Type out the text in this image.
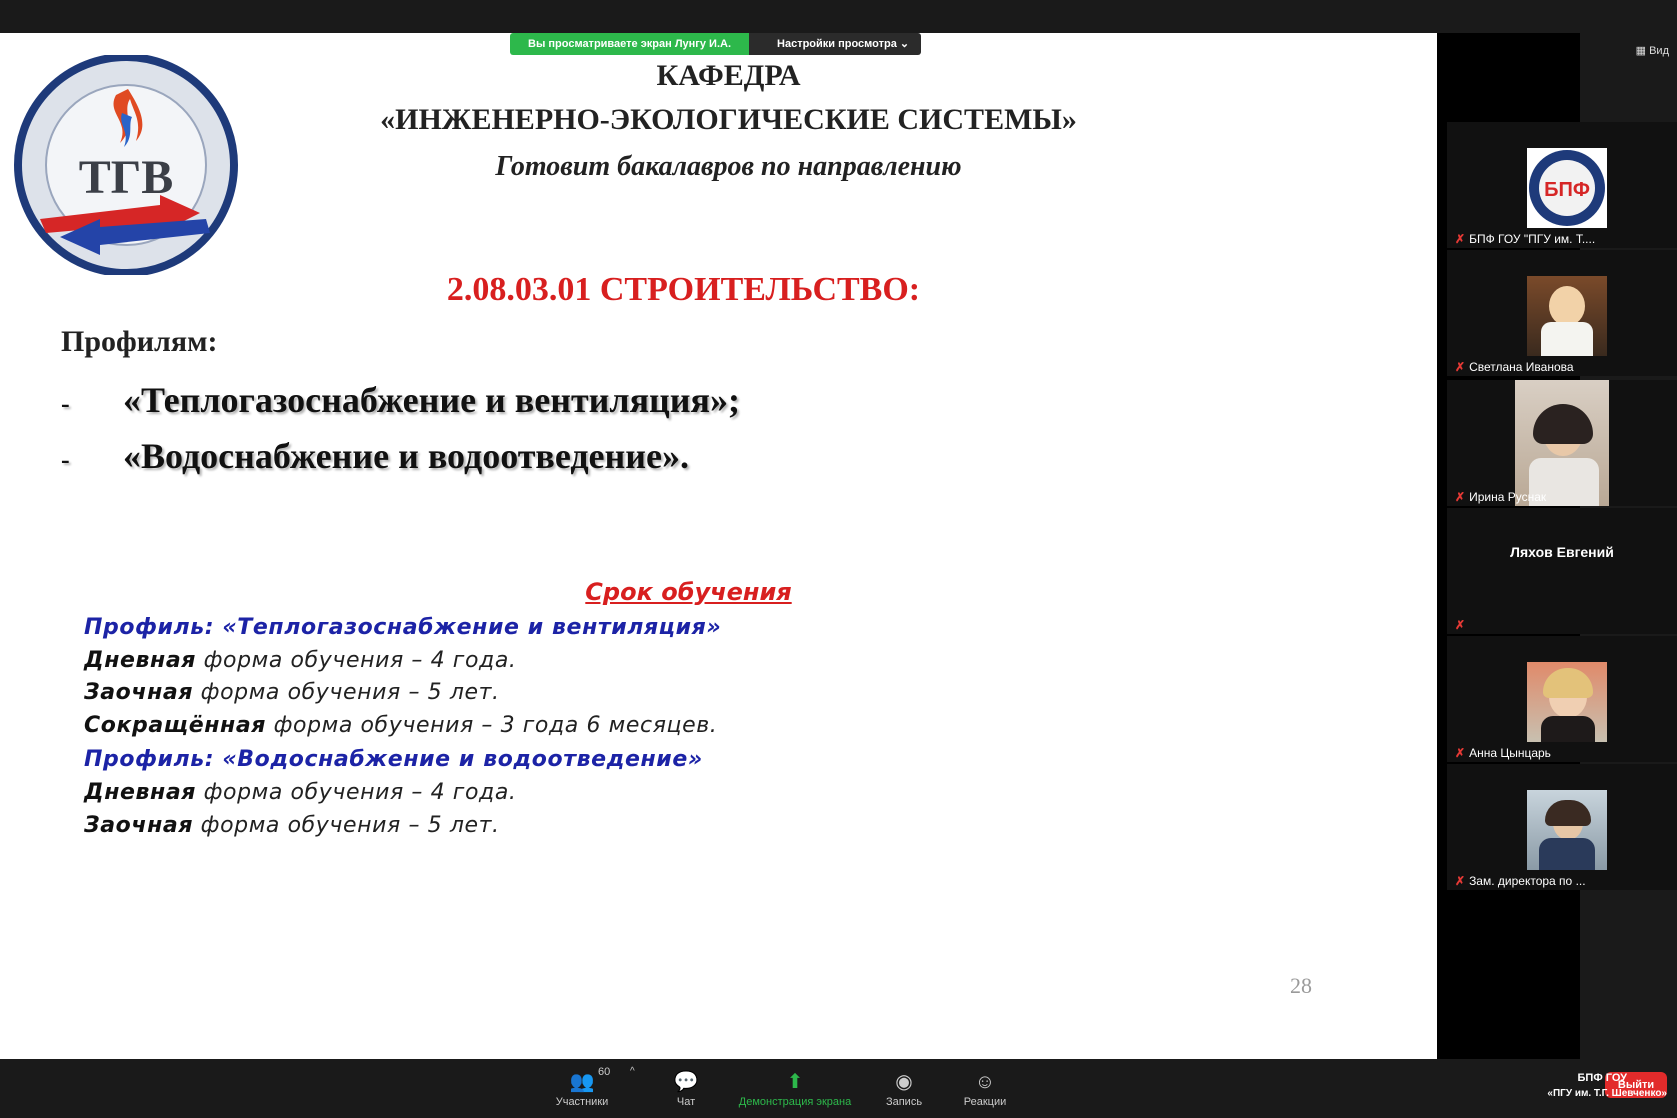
Вы просматриваете экран Лунгу И.А.	Настройки просмотра ⌄
▦ Вид
ТГВ
КАФЕДРА
«ИНЖЕНЕРНО-ЭКОЛОГИЧЕСКИЕ СИСТЕМЫ»
Готовит бакалавров по направлению
2.08.03.01 СТРОИТЕЛЬСТВО:
Профилям:
- «Теплогазоснабжение и вентиляция»;
- «Водоснабжение и водоотведение».
Срок обучения
Профиль: «Теплогазоснабжение и вентиляция»
Дневная форма обучения – 4 года.
Заочная форма обучения – 5 лет.
Сокращённая форма обучения – 3 года 6 месяцев.
Профиль: «Водоснабжение и водоотведение»
Дневная форма обучения – 4 года.
Заочная форма обучения – 5 лет.
28
БПФ
✗ БПФ ГОУ "ПГУ им. Т....
✗ Светлана Иванова
✗ Ирина Руснак
Ляхов Евгений
✗
✗ Анна Цынцарь
✗ Зам. директора по ...
👥
Участники
💬
Чат
⬆
Демонстрация экрана
◉
Запись
☺
Реакции
60 ^
Выйти
БПФ ГОУ
«ПГУ им. Т.Г. Шевченко»
